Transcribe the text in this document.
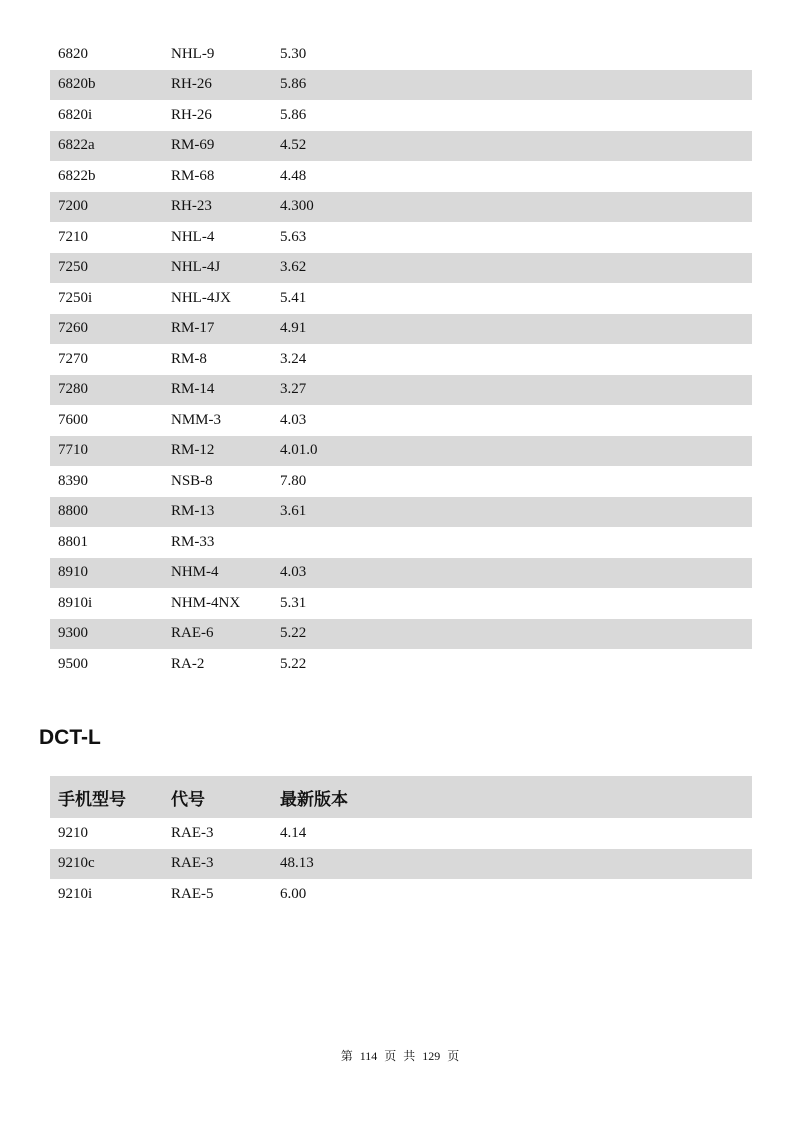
6820	NHL-9	5.30
6820b	RH-26	5.86
6820i	RH-26	5.86
6822a	RM-69	4.52
6822b	RM-68	4.48
7200	RH-23	4.300
7210	NHL-4	5.63
7250	NHL-4J	3.62
7250i	NHL-4JX	5.41
7260	RM-17	4.91
7270	RM-8	3.24
7280	RM-14	3.27
7600	NMM-3	4.03
7710	RM-12	4.01.0
8390	NSB-8	7.80
8800	RM-13	3.61
8801	RM-33
8910	NHM-4	4.03
8910i	NHM-4NX	5.31
9300	RAE-6	5.22
9500	RA-2	5.22
DCT-L
手机型号	代号	最新版本
9210	RAE-3	4.14
9210c	RAE-3	48.13
9210i	RAE-5	6.00
第 114 页 共 129 页
